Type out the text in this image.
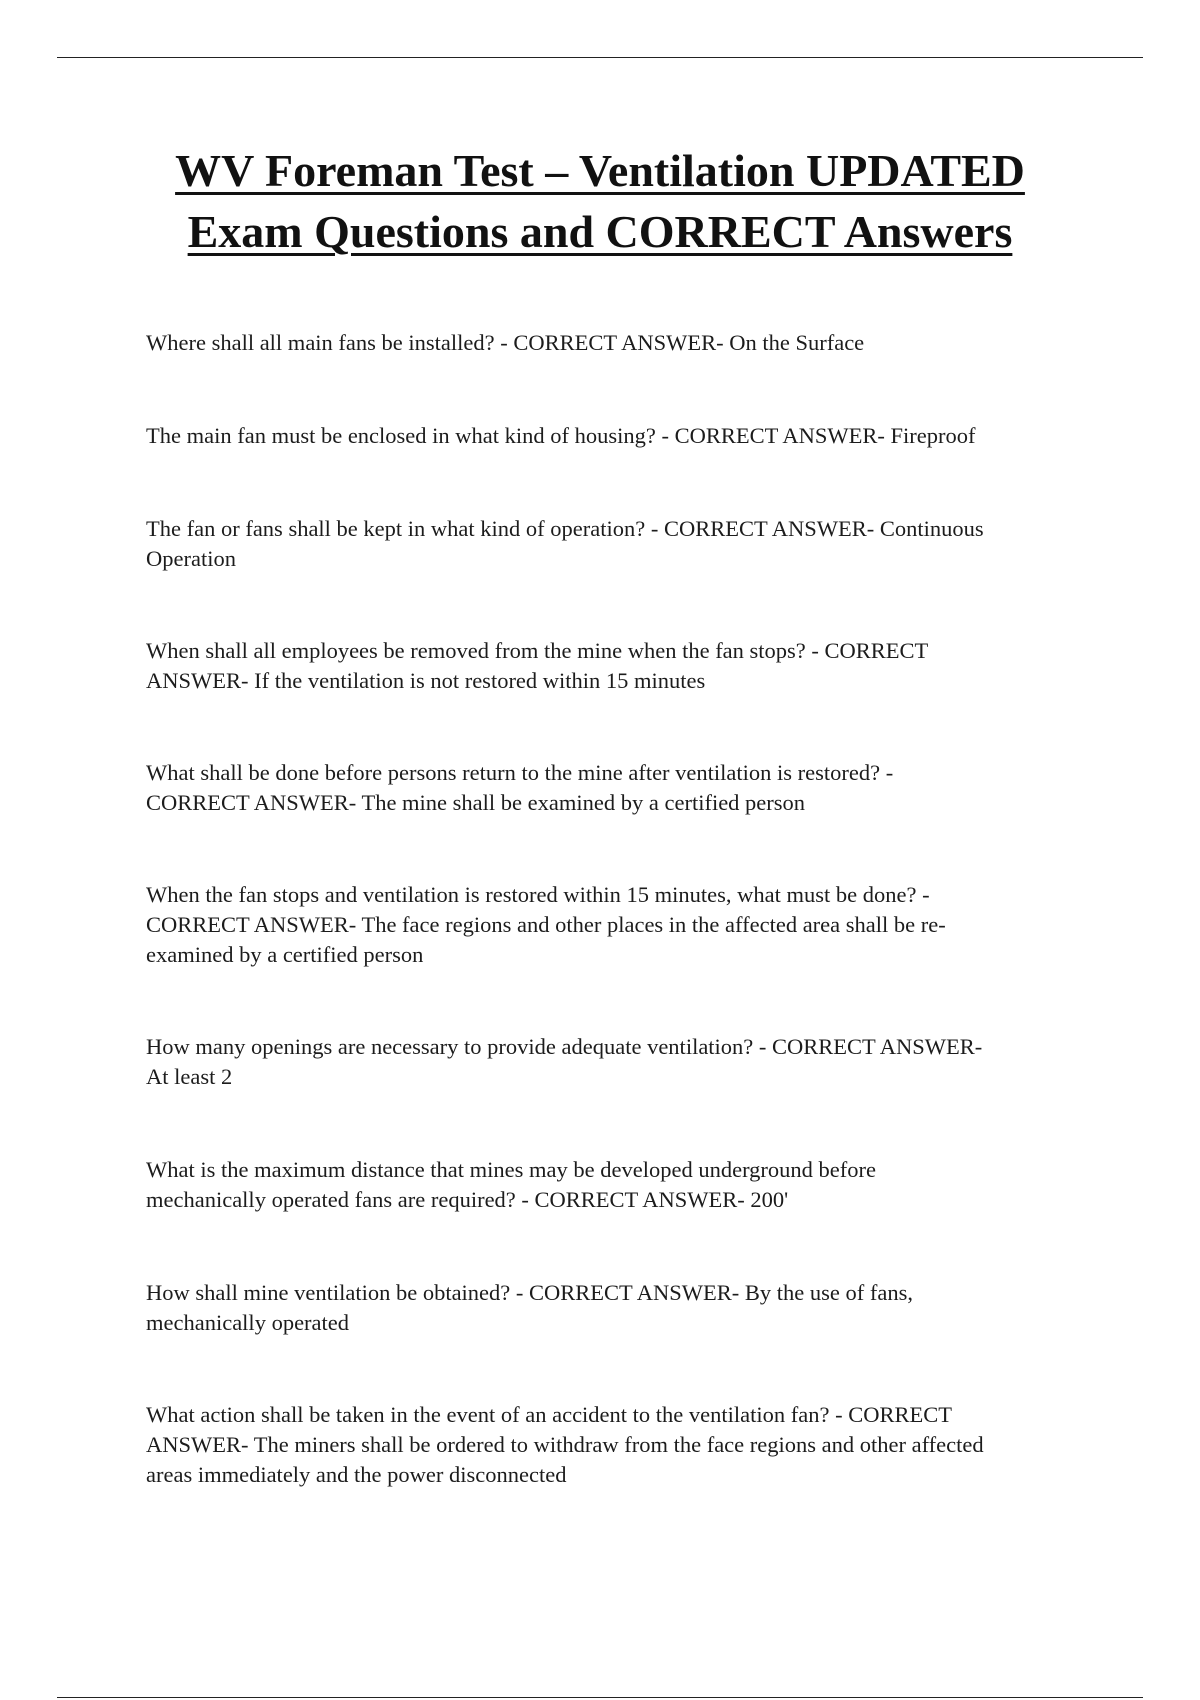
WV Foreman Test – Ventilation UPDATED
Exam Questions and CORRECT Answers

Where shall all main fans be installed? - CORRECT ANSWER- On the Surface

The main fan must be enclosed in what kind of housing? - CORRECT ANSWER- Fireproof

The fan or fans shall be kept in what kind of operation? - CORRECT ANSWER- Continuous
Operation

When shall all employees be removed from the mine when the fan stops? - CORRECT
ANSWER- If the ventilation is not restored within 15 minutes

What shall be done before persons return to the mine after ventilation is restored? -
CORRECT ANSWER- The mine shall be examined by a certified person

When the fan stops and ventilation is restored within 15 minutes, what must be done? -
CORRECT ANSWER- The face regions and other places in the affected area shall be re-
examined by a certified person

How many openings are necessary to provide adequate ventilation? - CORRECT ANSWER-
At least 2

What is the maximum distance that mines may be developed underground before
mechanically operated fans are required? - CORRECT ANSWER- 200'

How shall mine ventilation be obtained? - CORRECT ANSWER- By the use of fans,
mechanically operated

What action shall be taken in the event of an accident to the ventilation fan? - CORRECT
ANSWER- The miners shall be ordered to withdraw from the face regions and other affected
areas immediately and the power disconnected
